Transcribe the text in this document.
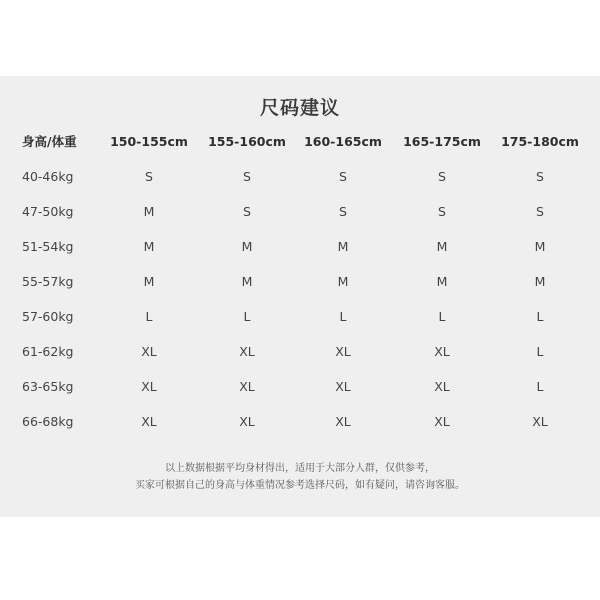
尺码建议
身高/体重	150-155cm 155-160cm 160-165cm 165-175cm 175-180cm
40-46kg	S	S	S	S	S
47-50kg	M	S	S	S	S
51-54kg	M	M	M	M	M
55-57kg	M	M	M	M	M
57-60kg	L	L	L	L	L
61-62kg	XL	XL	XL	XL	L
63-65kg	XL	XL	XL	XL	L
66-68kg	XL	XL	XL	XL	XL
以上数据根据平均身材得出，适用于大部分人群，仅供参考，
买家可根据自己的身高与体重情况参考选择尺码，如有疑问，请咨询客服。
